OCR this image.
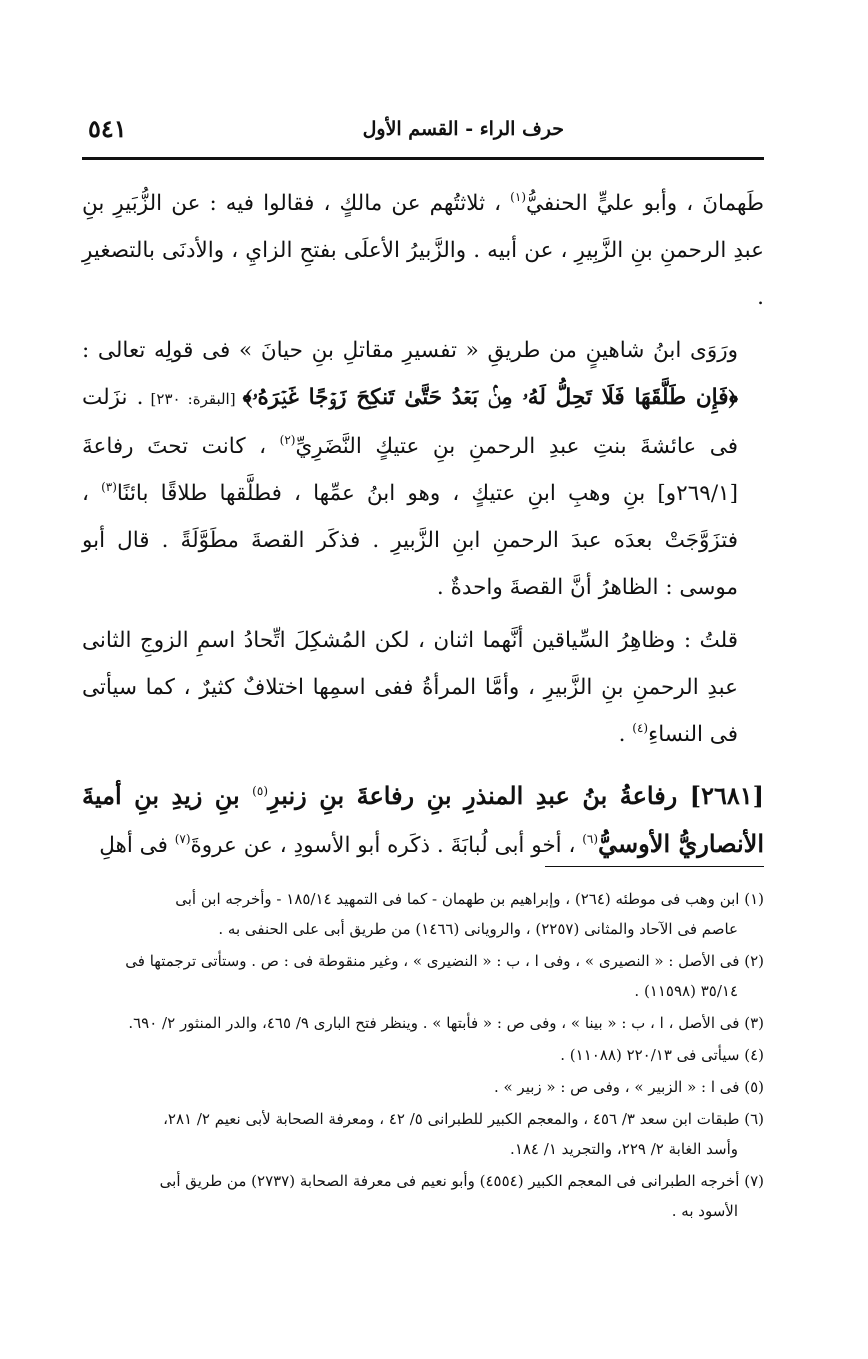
حرف الراء - القسم الأول
٥٤١

طَهمانَ ، وأبو عليٍّ الحنفيُّ$^{(١)}$ ، ثلاثتُهم عن مالكٍ ، فقالوا فيه : عن الزُّبَيرِ بنِ عبدِ الرحمنِ بنِ الزَّبِيرِ ، عن أبيه . والزَّبيرُ الأعلَى بفتحِ الزايِ ، والأدنَى بالتصغيرِ .

ورَوَى ابنُ شاهينٍ من طريقِ « تفسيرِ مقاتلِ بنِ حيانَ » فى قولِه تعالى : ﴿فَإِن طَلَّقَهَا فَلَا تَحِلُّ لَهُۥ مِنۢ بَعۡدُ حَتَّىٰ تَنكِحَ زَوۡجًا غَيۡرَهُۥ﴾ [البقرة: ٢٣٠] . نزَلت فى عائشةَ بنتِ عبدِ الرحمنِ بنِ عتيكٍ النَّضَرِيِّ$^{(٢)}$ ، كانت تحتَ رفاعةَ [٢٦٩/١و] بنِ وهبِ ابنِ عتيكٍ ، وهو ابنُ عمِّها ، فطلَّقها طلاقًا بائنًا$^{(٣)}$ ، فتزَوَّجَتْ بعدَه عبدَ الرحمنِ ابنِ الزَّبيرِ . فذكَر القصةَ مطَوَّلَةً . قال أبو موسى : الظاهرُ أنَّ القصةَ واحدةٌ .

قلتُ : وظاهِرُ السِّياقين أنَّهما اثنان ، لكن المُشكِلَ اتِّحادُ اسمِ الزوجِ الثانى عبدِ الرحمنِ بنِ الزَّبيرِ ، وأمَّا المرأةُ ففى اسمِها اختلافٌ كثيرٌ ، كما سيأتى فى النساءِ$^{(٤)}$ .

[٢٦٨١] رفاعةُ بنُ عبدِ المنذرِ بنِ رفاعةَ بنِ زنبرِ$^{(٥)}$ بنِ زيدِ بنِ أميةَ الأنصاريُّ الأوسيُّ$^{(٦)}$ ، أخو أبى لُبابَةَ . ذكَره أبو الأسودِ ، عن عروةَ$^{(٧)}$ فى أهلِ

(١) ابن وهب فى موطئه (٢٦٤) ، وإبراهيم بن طهمان - كما فى التمهيد ١٨٥/١٤ - وأخرجه ابن أبى
عاصم فى الآحاد والمثانى (٢٢٥٧) ، والرويانى (١٤٦٦) من طريق أبى على الحنفى به .

(٢) فى الأصل : « النصيرى » ، وفى ا ، ب : « النضيرى » ، وغير منقوطة فى : ص . وستأتى ترجمتها فى
٣٥/١٤ (١١٥٩٨) .

(٣) فى الأصل ، ا ، ب : « بينا » ، وفى ص : « فأبتها » . وينظر فتح البارى ٩/ ٤٦٥، والدر المنثور ٢/ ٦٩٠.

(٤) سيأتى فى ٢٢٠/١٣ (١١٠٨٨) .

(٥) فى ا : « الزبير » ، وفى ص : « زبير » .

(٦) طبقات ابن سعد ٣/ ٤٥٦ ، والمعجم الكبير للطبرانى ٥/ ٤٢ ، ومعرفة الصحابة لأبى نعيم ٢/ ٢٨١،
وأسد الغابة ٢/ ٢٢٩، والتجريد ١/ ١٨٤.

(٧) أخرجه الطبرانى فى المعجم الكبير (٤٥٥٤) وأبو نعيم فى معرفة الصحابة (٢٧٣٧) من طريق أبى
الأسود به .
